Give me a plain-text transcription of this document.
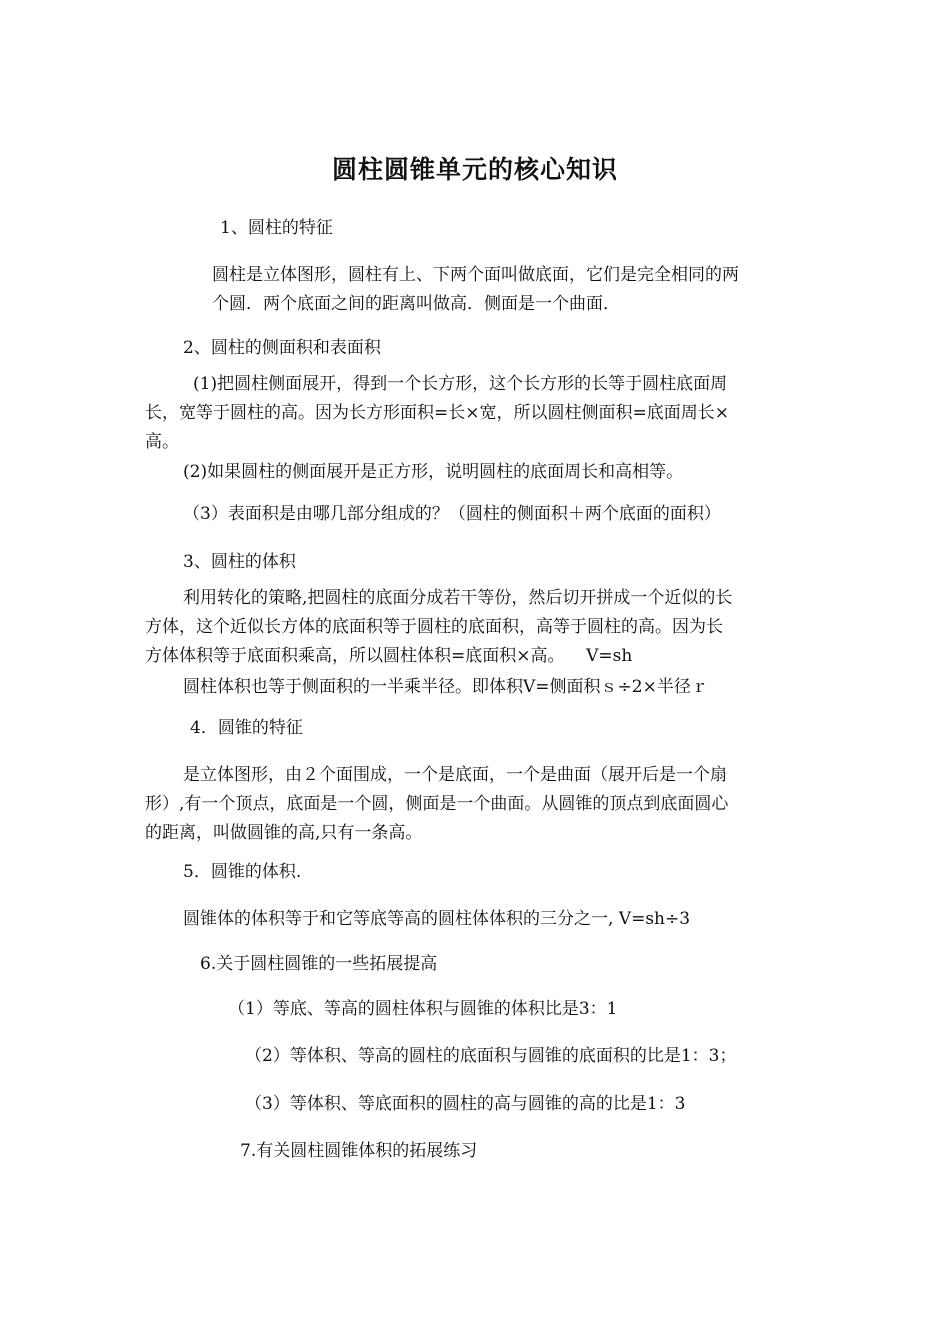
圆柱圆锥单元的核心知识

1、圆柱的特征

圆柱是立体图形，圆柱有上、下两个面叫做底面，它们是完全相同的两
个圆．两个底面之间的距离叫做高．侧面是一个曲面．

2、圆柱的侧面积和表面积

(1)把圆柱侧面展开，得到一个长方形，这个长方形的长等于圆柱底面周
长，宽等于圆柱的高。因为长方形面积=长×宽，所以圆柱侧面积=底面周长×
高。

(2)如果圆柱的侧面展开是正方形，说明圆柱的底面周长和高相等。

（3）表面积是由哪几部分组成的？（圆柱的侧面积＋两个底面的面积）

3、圆柱的体积

利用转化的策略,把圆柱的底面分成若干等份，然后切开拼成一个近似的长
方体，这个近似长方体的底面积等于圆柱的底面积，高等于圆柱的高。因为长
方体体积等于底面积乘高，所以圆柱体积=底面积×高。    V=sh

圆柱体积也等于侧面积的一半乘半径。即体积V=侧面积ｓ÷2×半径ｒ

4．圆锥的特征

是立体图形，由２个面围成，一个是底面，一个是曲面（展开后是一个扇
形）,有一个顶点，底面是一个圆，侧面是一个曲面。从圆锥的顶点到底面圆心
的距离，叫做圆锥的高,只有一条高。

5．圆锥的体积.

圆锥体的体积等于和它等底等高的圆柱体体积的三分之一, V=sh÷3

6.关于圆柱圆锥的一些拓展提高

（1）等底、等高的圆柱体积与圆锥的体积比是3：1

（2）等体积、等高的圆柱的底面积与圆锥的底面积的比是1：3；

（3）等体积、等底面积的圆柱的高与圆锥的高的比是1：3

7.有关圆柱圆锥体积的拓展练习
